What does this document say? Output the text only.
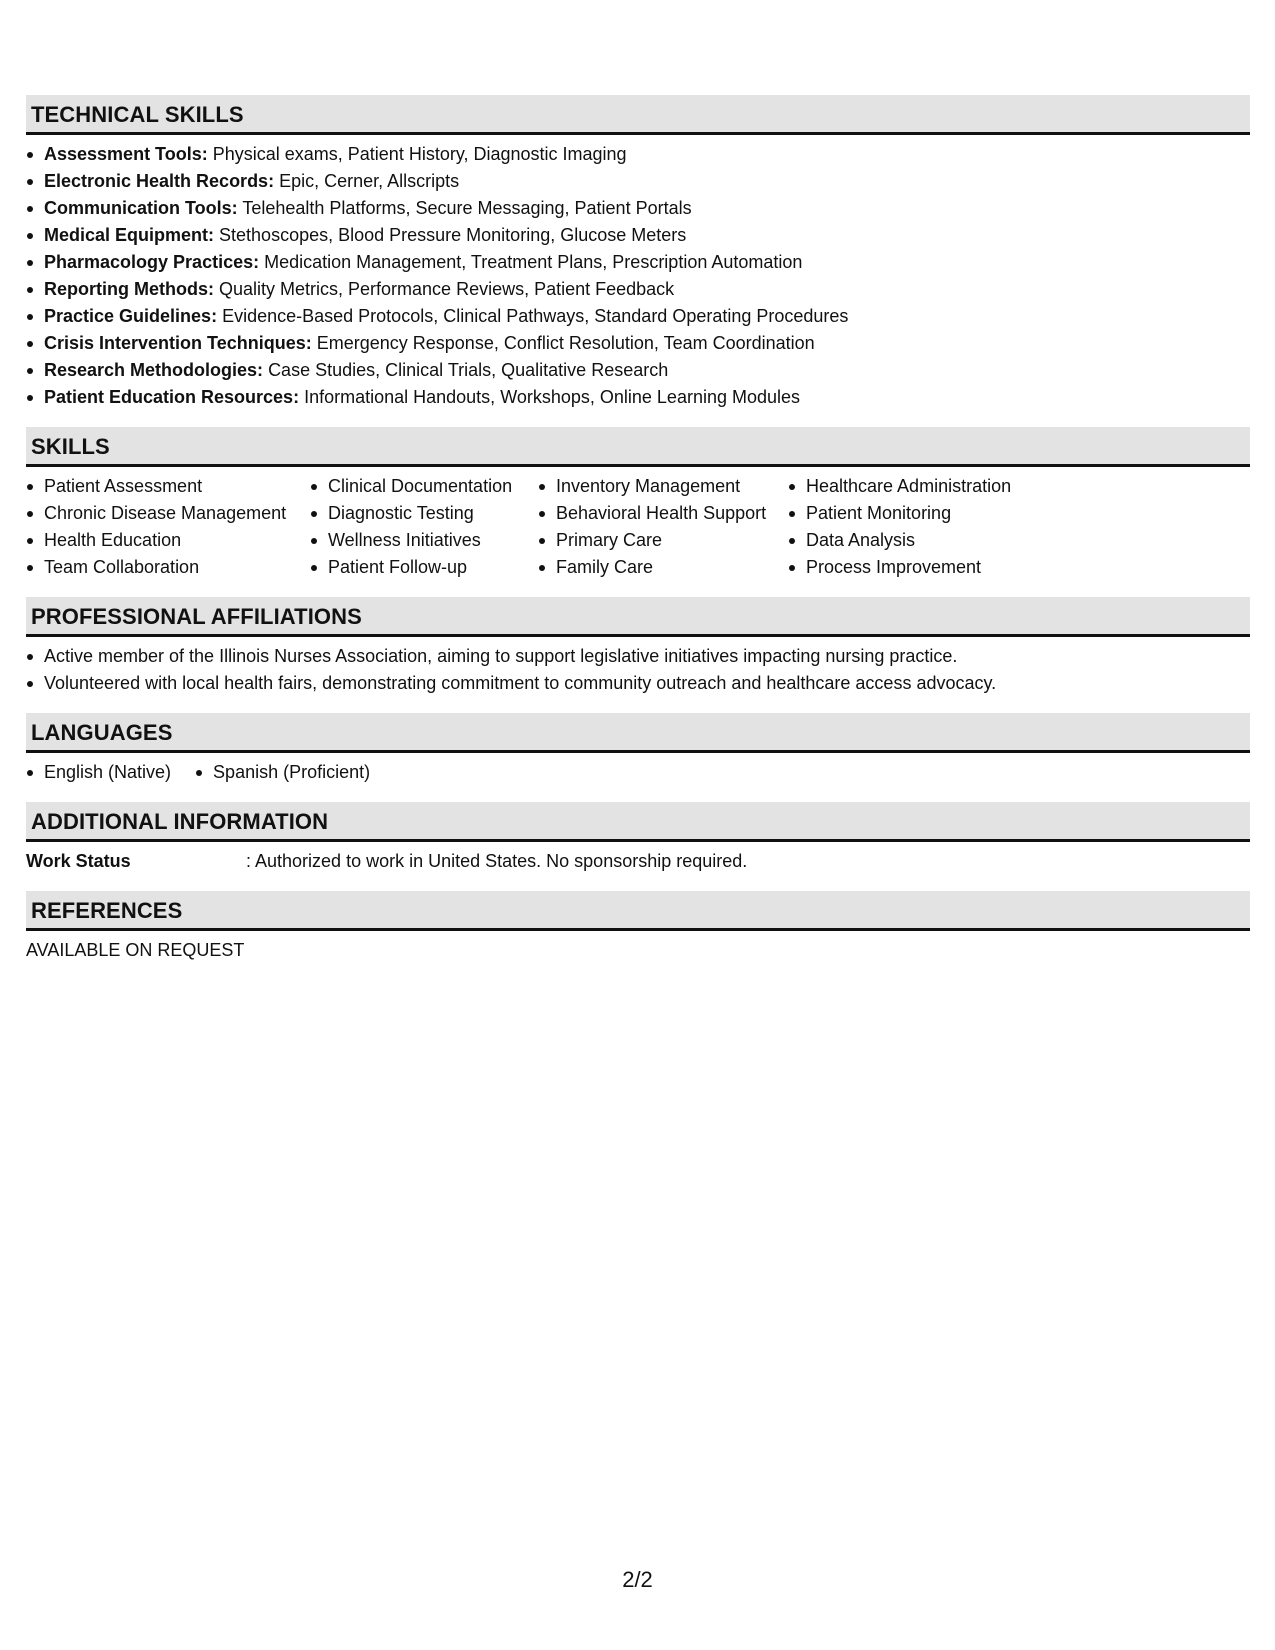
TECHNICAL SKILLS
Assessment Tools: Physical exams, Patient History, Diagnostic Imaging
Electronic Health Records: Epic, Cerner, Allscripts
Communication Tools: Telehealth Platforms, Secure Messaging, Patient Portals
Medical Equipment: Stethoscopes, Blood Pressure Monitoring, Glucose Meters
Pharmacology Practices: Medication Management, Treatment Plans, Prescription Automation
Reporting Methods: Quality Metrics, Performance Reviews, Patient Feedback
Practice Guidelines: Evidence-Based Protocols, Clinical Pathways, Standard Operating Procedures
Crisis Intervention Techniques: Emergency Response, Conflict Resolution, Team Coordination
Research Methodologies: Case Studies, Clinical Trials, Qualitative Research
Patient Education Resources: Informational Handouts, Workshops, Online Learning Modules
SKILLS
Patient Assessment
Chronic Disease Management
Health Education
Team Collaboration
Clinical Documentation
Diagnostic Testing
Wellness Initiatives
Patient Follow-up
Inventory Management
Behavioral Health Support
Primary Care
Family Care
Healthcare Administration
Patient Monitoring
Data Analysis
Process Improvement
PROFESSIONAL AFFILIATIONS
Active member of the Illinois Nurses Association, aiming to support legislative initiatives impacting nursing practice.
Volunteered with local health fairs, demonstrating commitment to community outreach and healthcare access advocacy.
LANGUAGES
English (Native)	Spanish (Proficient)
ADDITIONAL INFORMATION
Work Status	: Authorized to work in United States. No sponsorship required.
REFERENCES
AVAILABLE ON REQUEST
2/2
